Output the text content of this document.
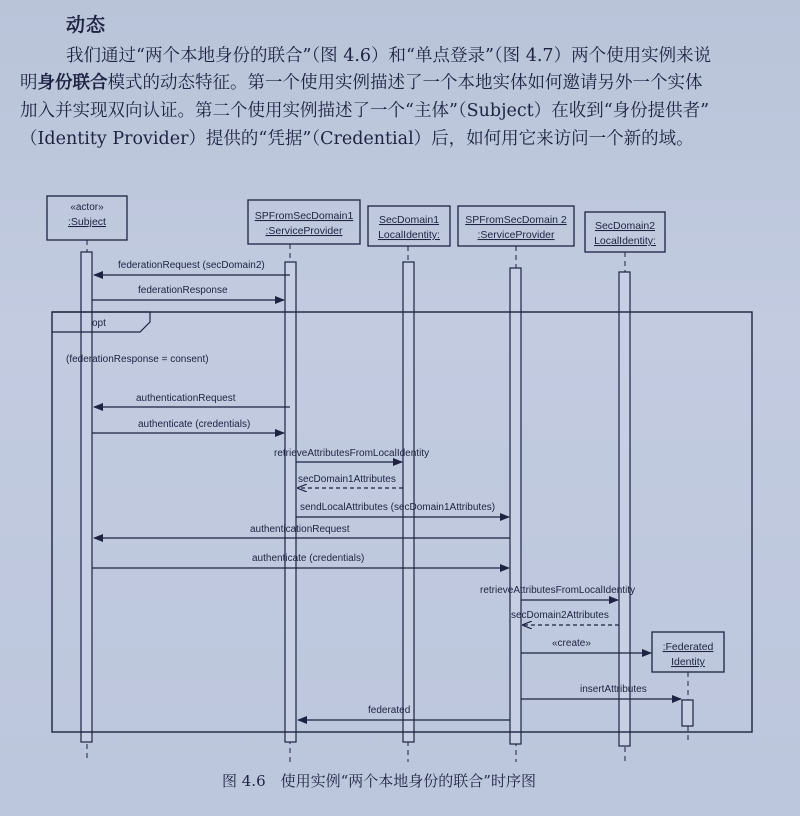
动态
我们通过“两个本地身份的联合”（图 4.6）和“单点登录”（图 4.7）两个使用实例来说
明身份联合模式的动态特征。第一个使用实例描述了一个本地实体如何邀请另外一个实体
加入并实现双向认证。第二个使用实例描述了一个“主体”（Subject）在收到“身份提供者”
（Identity Provider）提供的“凭据”（Credential）后，如何用它来访问一个新的域。
«actor»
:Subject	SPFromSecDomain1
:ServiceProvider
SecDomain1
LocalIdentity:
SPFromSecDomain 2
:ServiceProvider
SecDomain2
LocalIdentity:
:Federated
Identity
opt
(federationResponse = consent)
federationRequest (secDomain2)
federationResponse
authenticationRequest
authenticate (credentials)
retrieveAttributesFromLocalIdentity
secDomain1Attributes
sendLocalAttributes (secDomain1Attributes)
authenticationRequest
authenticate (credentials)
retrieveAttributesFromLocalIdentity
secDomain2Attributes
«create»
insertAttributes
federated
图 4.6　使用实例“两个本地身份的联合”时序图
